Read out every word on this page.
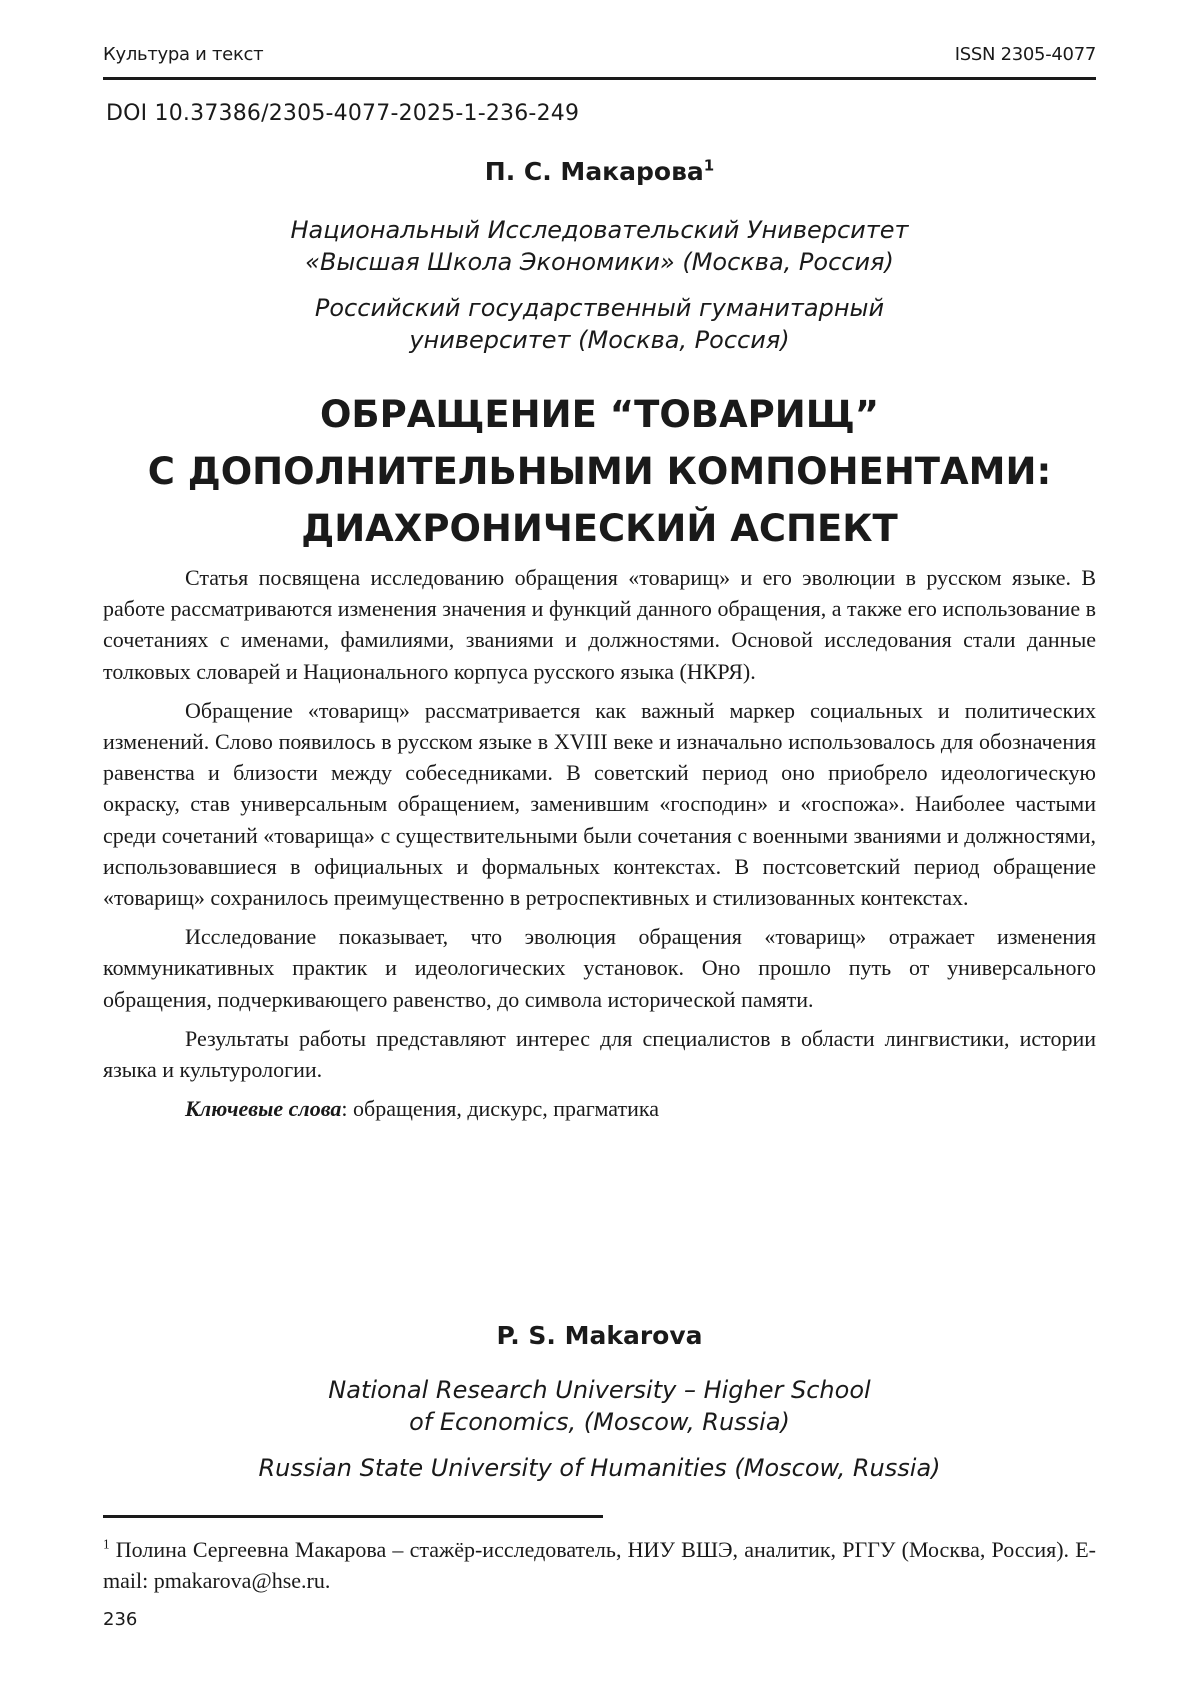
Культура и текст	ISSN 2305-4077
DOI 10.37386/2305-4077-2025-1-236-249
П. С. Макарова$^1$
Национальный Исследовательский Университет
«Высшая Школа Экономики» (Москва, Россия)
Российский государственный гуманитарный
университет (Москва, Россия)
ОБРАЩЕНИЕ “ТОВАРИЩ”
С ДОПОЛНИТЕЛЬНЫМИ КОМПОНЕНТАМИ:
ДИАХРОНИЧЕСКИЙ АСПЕКТ

Статья посвящена исследованию обращения «товарищ» и его эволюции в русском языке. В работе рассматриваются изменения значения и функций данного обращения, а также его использование в сочетаниях с именами, фамилиями, званиями и должностями. Основой исследования стали данные толковых словарей и Национального корпуса русского языка (НКРЯ).

Обращение «товарищ» рассматривается как важный маркер социальных и политических изменений. Слово появилось в русском языке в XVIII веке и изначально использовалось для обозначения равенства и близости между собеседниками. В советский период оно приобрело идеологическую окраску, став универсальным обращением, заменившим «господин» и «госпожа». Наиболее частыми среди сочетаний «товарища» с существительными были сочетания с военными званиями и должностями, использовавшиеся в официальных и формальных контекстах. В постсоветский период обращение «товарищ» сохранилось преимущественно в ретроспективных и стилизованных контекстах.

Исследование показывает, что эволюция обращения «товарищ» отражает изменения коммуникативных практик и идеологических установок. Оно прошло путь от универсального обращения, подчеркивающего равенство, до символа исторической памяти.

Результаты работы представляют интерес для специалистов в области лингвистики, истории языка и культурологии.

Ключевые слова: обращения, дискурс, прагматика

P. S. Makarova
National Research University – Higher School
of Economics, (Moscow, Russia)
Russian State University of Humanities (Moscow, Russia)
$^1$ Полина Сергеевна Макарова – стажёр-исследователь, НИУ ВШЭ, аналитик, РГГУ (Москва, Россия). E-mail: pmakarova@hse.ru.
236
